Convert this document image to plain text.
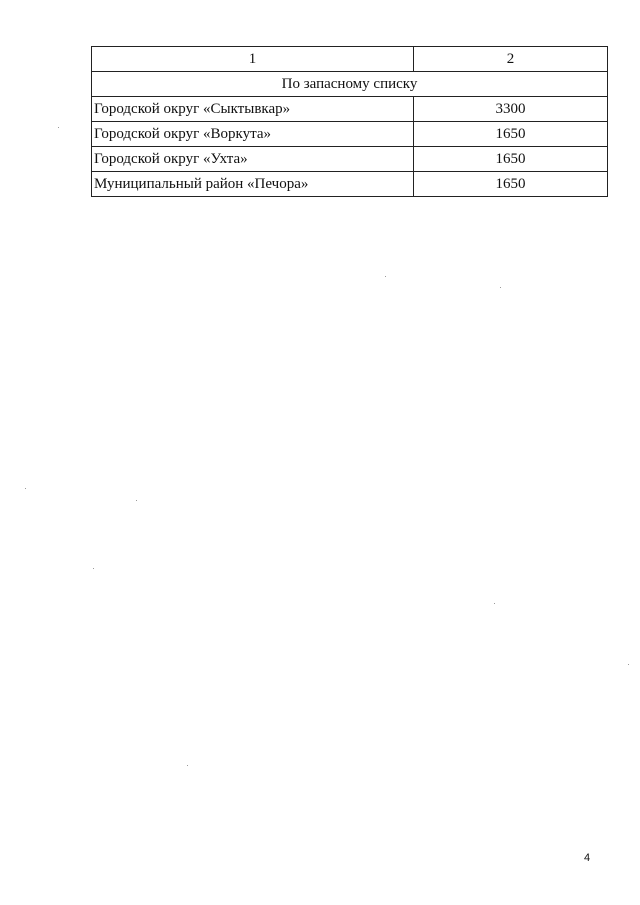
1	2
По запасному списку	
Городской округ «Сыктывкар»	3300
Городской округ «Воркута»	1650
Городской округ «Ухта»	1650
Муниципальный район «Печора»	1650
4
